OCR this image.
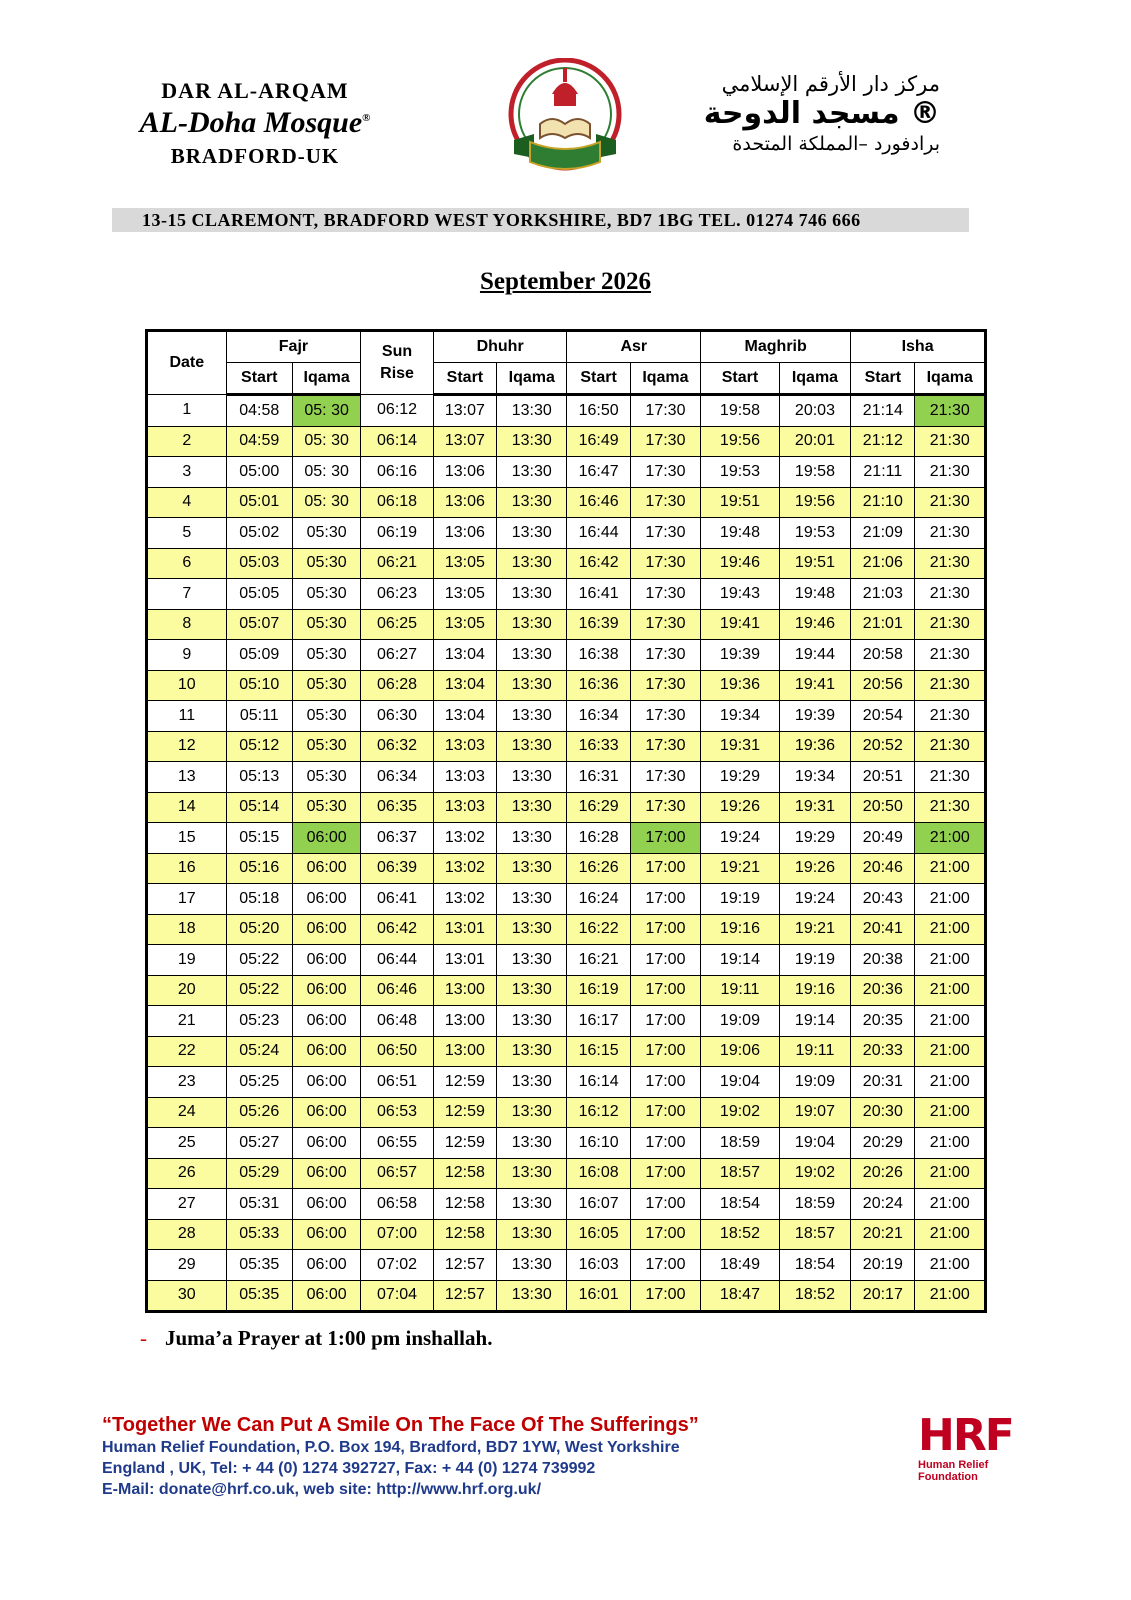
DAR AL-ARQAM
AL-Doha Mosque®
BRADFORD-UK
مركز دار الأرقم الإسلامي
® مسجد الدوحة
برادفورد –المملكة المتحدة
13-15 CLAREMONT, BRADFORD WEST YORKSHIRE, BD7 1BG TEL. 01274 746 666
September 2026
Date	Fajr		Sun
Rise	Dhuhr		Asr		Maghrib		Isha	
	Start	Iqama		Start	Iqama	Start	Iqama	Start	Iqama	Start	Iqama
1	04:58	05: 30	06:12	13:07	13:30	16:50	17:30	19:58	20:03	21:14	21:30
2	04:59	05: 30	06:14	13:07	13:30	16:49	17:30	19:56	20:01	21:12	21:30
3	05:00	05: 30	06:16	13:06	13:30	16:47	17:30	19:53	19:58	21:11	21:30
4	05:01	05: 30	06:18	13:06	13:30	16:46	17:30	19:51	19:56	21:10	21:30
5	05:02	05:30	06:19	13:06	13:30	16:44	17:30	19:48	19:53	21:09	21:30
6	05:03	05:30	06:21	13:05	13:30	16:42	17:30	19:46	19:51	21:06	21:30
7	05:05	05:30	06:23	13:05	13:30	16:41	17:30	19:43	19:48	21:03	21:30
8	05:07	05:30	06:25	13:05	13:30	16:39	17:30	19:41	19:46	21:01	21:30
9	05:09	05:30	06:27	13:04	13:30	16:38	17:30	19:39	19:44	20:58	21:30
10	05:10	05:30	06:28	13:04	13:30	16:36	17:30	19:36	19:41	20:56	21:30
11	05:11	05:30	06:30	13:04	13:30	16:34	17:30	19:34	19:39	20:54	21:30
12	05:12	05:30	06:32	13:03	13:30	16:33	17:30	19:31	19:36	20:52	21:30
13	05:13	05:30	06:34	13:03	13:30	16:31	17:30	19:29	19:34	20:51	21:30
14	05:14	05:30	06:35	13:03	13:30	16:29	17:30	19:26	19:31	20:50	21:30
15	05:15	06:00	06:37	13:02	13:30	16:28	17:00	19:24	19:29	20:49	21:00
16	05:16	06:00	06:39	13:02	13:30	16:26	17:00	19:21	19:26	20:46	21:00
17	05:18	06:00	06:41	13:02	13:30	16:24	17:00	19:19	19:24	20:43	21:00
18	05:20	06:00	06:42	13:01	13:30	16:22	17:00	19:16	19:21	20:41	21:00
19	05:22	06:00	06:44	13:01	13:30	16:21	17:00	19:14	19:19	20:38	21:00
20	05:22	06:00	06:46	13:00	13:30	16:19	17:00	19:11	19:16	20:36	21:00
21	05:23	06:00	06:48	13:00	13:30	16:17	17:00	19:09	19:14	20:35	21:00
22	05:24	06:00	06:50	13:00	13:30	16:15	17:00	19:06	19:11	20:33	21:00
23	05:25	06:00	06:51	12:59	13:30	16:14	17:00	19:04	19:09	20:31	21:00
24	05:26	06:00	06:53	12:59	13:30	16:12	17:00	19:02	19:07	20:30	21:00
25	05:27	06:00	06:55	12:59	13:30	16:10	17:00	18:59	19:04	20:29	21:00
26	05:29	06:00	06:57	12:58	13:30	16:08	17:00	18:57	19:02	20:26	21:00
27	05:31	06:00	06:58	12:58	13:30	16:07	17:00	18:54	18:59	20:24	21:00
28	05:33	06:00	07:00	12:58	13:30	16:05	17:00	18:52	18:57	20:21	21:00
29	05:35	06:00	07:02	12:57	13:30	16:03	17:00	18:49	18:54	20:19	21:00
30	05:35	06:00	07:04	12:57	13:30	16:01	17:00	18:47	18:52	20:17	21:00
- Juma’a Prayer at 1:00 pm inshallah.
“Together We Can Put A Smile On The Face Of The Sufferings”
Human Relief Foundation, P.O. Box 194, Bradford, BD7 1YW, West Yorkshire
England , UK, Tel: + 44 (0) 1274 392727, Fax: + 44 (0) 1274 739992
E-Mail: donate@hrf.co.uk, web site: http://www.hrf.org.uk/
HRF
Human Relief
Foundation
